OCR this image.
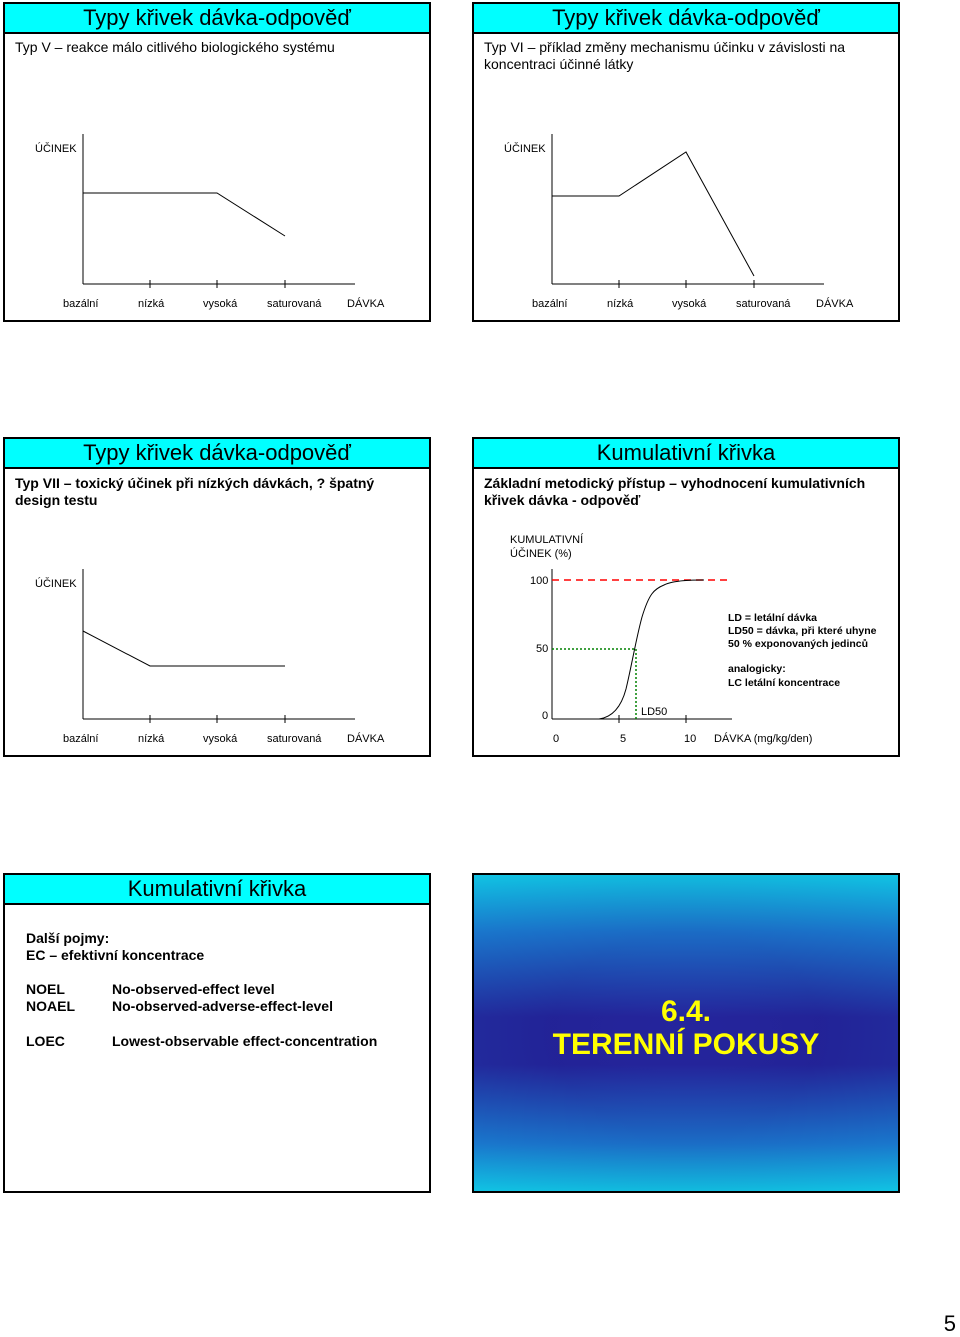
Typy křivek dávka-odpověď
Typ V – reakce málo citlivého biologického systému
ÚČINEK
bazální	nízká	vysoká	saturovaná DÁVKA
Typy křivek dávka-odpověď
Typ VI – příklad změny mechanismu účinku v závislosti na koncentraci účinné látky
ÚČINEK
bazální	nízká	vysoká	saturovaná DÁVKA
Typy křivek dávka-odpověď
Typ VII – toxický účinek při nízkých dávkách, ? špatný design testu
ÚČINEK
bazální	nízká	vysoká	saturovaná DÁVKA
Kumulativní křivka
Základní metodický přístup – vyhodnocení kumulativních křivek dávka - odpověď
KUMULATIVNÍ
ÚČINEK (%)
100
50
0	LD50
0	5	10 DÁVKA (mg/kg/den)
LD = letální dávka
LD50 = dávka, při které uhyne
50 % exponovaných jedinců
analogicky:
LC letální koncentrace
Kumulativní křivka
Další pojmy:
EC – efektivní koncentrace
NOEL	No-observed-effect level
NOAEL	No-observed-adverse-effect-level
LOEC	Lowest-observable effect-concentration
6.4.
TERENNÍ POKUSY
5
